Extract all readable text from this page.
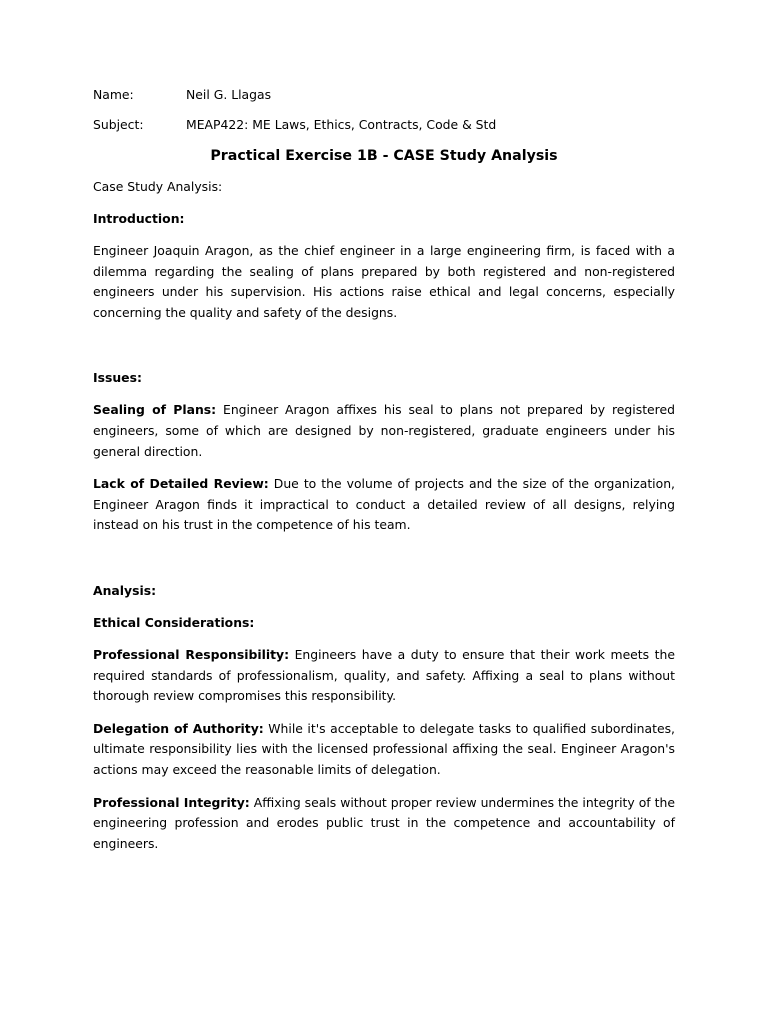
Name:	Neil G. Llagas
Subject:	MEAP422: ME Laws, Ethics, Contracts, Code & Std
Practical Exercise 1B - CASE Study Analysis
Case Study Analysis:
Introduction:

Engineer Joaquin Aragon, as the chief engineer in a large engineering firm, is faced with a dilemma regarding the sealing of plans prepared by both registered and non-registered engineers under his supervision. His actions raise ethical and legal concerns, especially concerning the quality and safety of the designs.

Issues:

Sealing of Plans: Engineer Aragon affixes his seal to plans not prepared by registered engineers, some of which are designed by non-registered, graduate engineers under his general direction.

Lack of Detailed Review: Due to the volume of projects and the size of the organization, Engineer Aragon finds it impractical to conduct a detailed review of all designs, relying instead on his trust in the competence of his team.

Analysis:
Ethical Considerations:

Professional Responsibility: Engineers have a duty to ensure that their work meets the required standards of professionalism, quality, and safety. Affixing a seal to plans without thorough review compromises this responsibility.

Delegation of Authority: While it's acceptable to delegate tasks to qualified subordinates, ultimate responsibility lies with the licensed professional affixing the seal. Engineer Aragon's actions may exceed the reasonable limits of delegation.

Professional Integrity: Affixing seals without proper review undermines the integrity of the engineering profession and erodes public trust in the competence and accountability of engineers.
